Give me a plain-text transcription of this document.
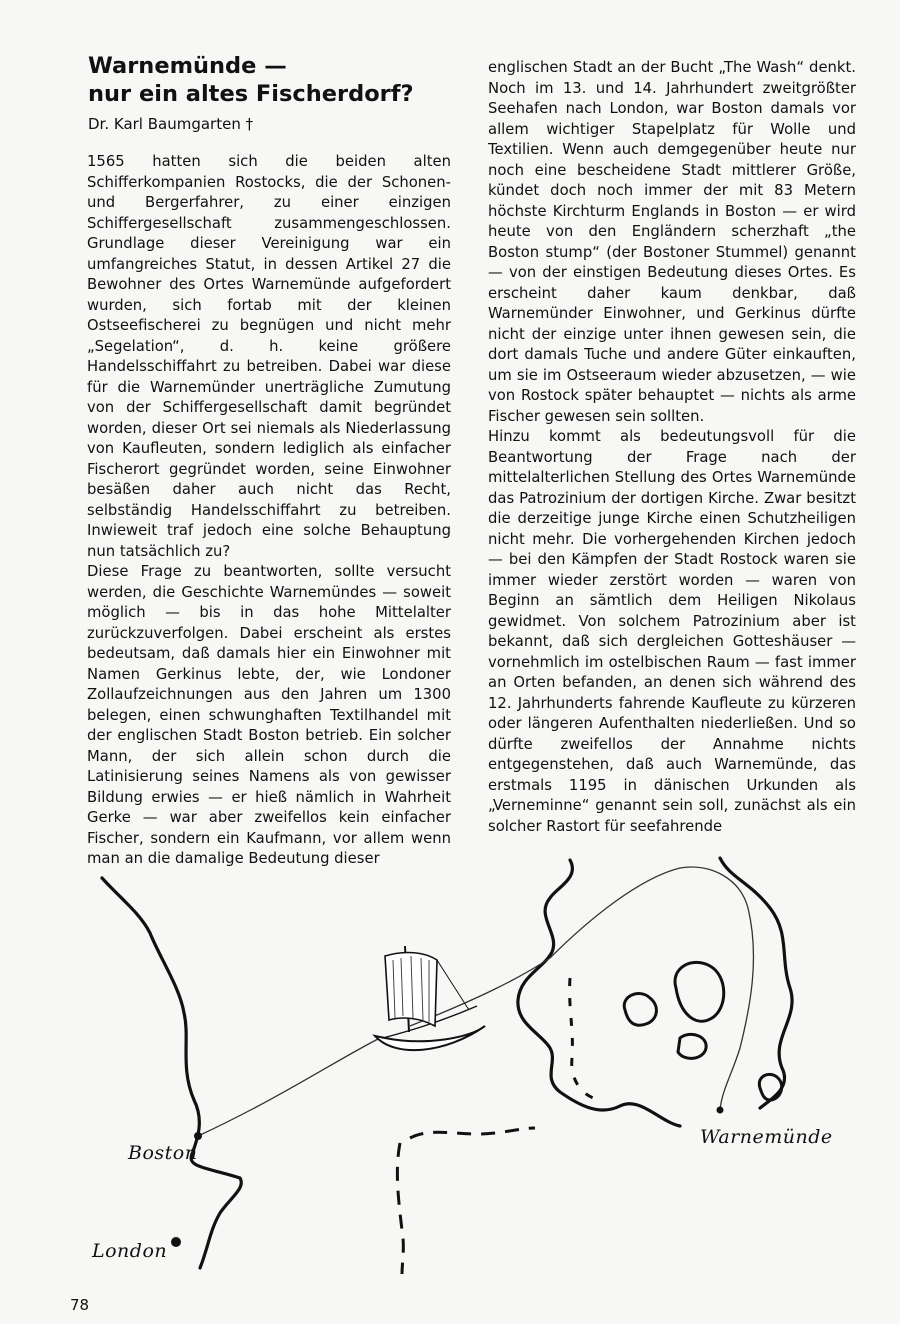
Warnemünde —
nur ein altes Fischerdorf?
Dr. Karl Baumgarten †

1565 hatten sich die beiden alten Schifferkompanien Rostocks, die der Schonen- und Bergerfahrer, zu einer einzigen Schiffergesellschaft zusammengeschlossen. Grundlage dieser Vereinigung war ein umfangreiches Statut, in dessen Artikel 27 die Bewohner des Ortes Warnemünde aufgefordert wurden, sich fortab mit der kleinen Ostseefischerei zu begnügen und nicht mehr „Segelation“, d. h. keine größere Handelsschiffahrt zu betreiben. Dabei war diese für die Warnemünder unerträgliche Zumutung von der Schiffergesellschaft damit begründet worden, dieser Ort sei niemals als Niederlassung von Kaufleuten, sondern lediglich als einfacher Fischerort gegründet worden, seine Einwohner besäßen daher auch nicht das Recht, selbständig Handelsschiffahrt zu betreiben. Inwieweit traf jedoch eine solche Behauptung nun tatsächlich zu?

Diese Frage zu beantworten, sollte versucht werden, die Geschichte Warnemündes — soweit möglich — bis in das hohe Mittelalter zurückzuverfolgen. Dabei erscheint als erstes bedeutsam, daß damals hier ein Einwohner mit Namen Gerkinus lebte, der, wie Londoner Zollaufzeichnungen aus den Jahren um 1300 belegen, einen schwunghaften Textilhandel mit der englischen Stadt Boston betrieb. Ein solcher Mann, der sich allein schon durch die Latinisierung seines Namens als von gewisser Bildung erwies — er hieß nämlich in Wahrheit Gerke — war aber zweifellos kein einfacher Fischer, sondern ein Kaufmann, vor allem wenn man an die damalige Bedeutung dieser

englischen Stadt an der Bucht „The Wash“ denkt. Noch im 13. und 14. Jahrhundert zweitgrößter Seehafen nach London, war Boston damals vor allem wichtiger Stapelplatz für Wolle und Textilien. Wenn auch demgegenüber heute nur noch eine bescheidene Stadt mittlerer Größe, kündet doch noch immer der mit 83 Metern höchste Kirchturm Englands in Boston — er wird heute von den Engländern scherzhaft „the Boston stump“ (der Bostoner Stummel) genannt — von der einstigen Bedeutung dieses Ortes. Es erscheint daher kaum denkbar, daß Warnemünder Einwohner, und Gerkinus dürfte nicht der einzige unter ihnen gewesen sein, die dort damals Tuche und andere Güter einkauften, um sie im Ostseeraum wieder abzusetzen, — wie von Rostock später behauptet — nichts als arme Fischer gewesen sein sollten.

Hinzu kommt als bedeutungsvoll für die Beantwortung der Frage nach der mittelalterlichen Stellung des Ortes Warnemünde das Patrozinium der dortigen Kirche. Zwar besitzt die derzeitige junge Kirche einen Schutzheiligen nicht mehr. Die vorhergehenden Kirchen jedoch — bei den Kämpfen der Stadt Rostock waren sie immer wieder zerstört worden — waren von Beginn an sämtlich dem Heiligen Nikolaus gewidmet. Von solchem Patrozinium aber ist bekannt, daß sich dergleichen Gotteshäuser — vornehmlich im ostelbischen Raum — fast immer an Orten befanden, an denen sich während des 12. Jahrhunderts fahrende Kaufleute zu kürzeren oder längeren Aufenthalten niederließen. Und so dürfte zweifellos der Annahme nichts entgegenstehen, daß auch Warnemünde, das erstmals 1195 in dänischen Urkunden als „Verneminne“ genannt sein soll, zunächst als ein solcher Rastort für seefahrende

Boston
London
Warnemünde
78
